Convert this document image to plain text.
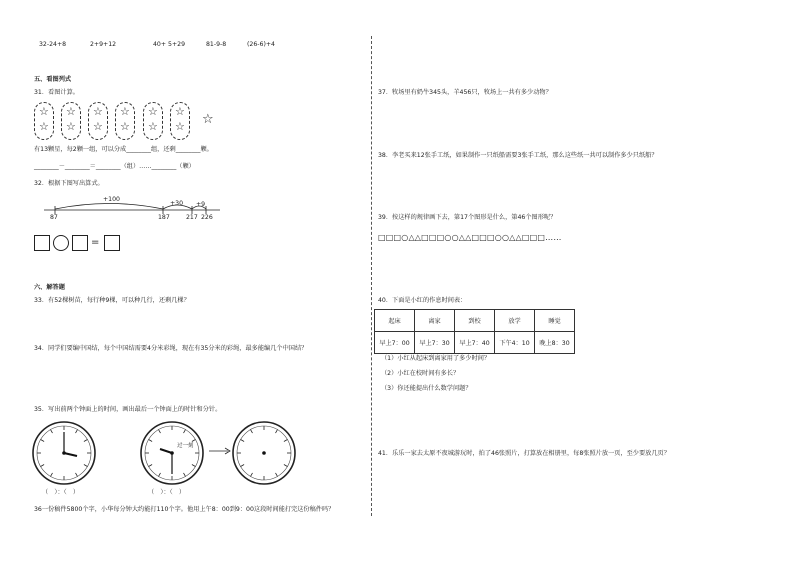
32-24+8	2+9+12	40+ 5+29	81-9-8	(26-6)+4
五、看图列式
31．看图计算。
☆
☆
☆
☆
☆
☆
☆
☆
☆
☆
☆
☆ ☆
有13颗星，每2颗一组，可以分成________组，还剩________颗。
________－________＝________（组）……________（颗）
32．根据下图写出算式。
+100
+30 +9
87	187	217 226
=
六、解答题
33．有52棵树苗，每行种9棵，可以种几行，还剩几棵？
34．同学们要编中国结，每个中国结需要4分米彩绳，现在有35分米的彩绳，最多能编几个中国结？
35．写出前两个钟面上的时间，画出最后一个钟面上的时针和分针。
过一刻
（　）：（　）	（　）：（　）
36一份稿件5800个字，小华每分钟大约能打110个字。他用上午8：00到9：00这段时间能打完这份稿件吗？
37．牧场里有奶牛345头，羊456只，牧场上一共有多少动物？
38．李老买来12张手工纸，如果制作一只纸船需要3张手工纸，那么这些纸一共可以制作多少只纸船？
39．按这样的规律画下去，第17个图形是什么，第46个图形呢？
□□□○△△□□□○○△△□□□○○△△□□□……
40．下面是小红的作息时间表：
起床	离家	到校	放学	睡觉
早上7：00	早上7：30	早上7：40	下午4：10	晚上8：30
（1）小红从起床到离家用了多少时间？
（2）小红在校时间有多长？
（3）你还能提出什么数学问题？
41．乐乐一家去太原不夜城游玩时，拍了46张照片，打算放在相册里，每8张照片放一页，至少要放几页？
